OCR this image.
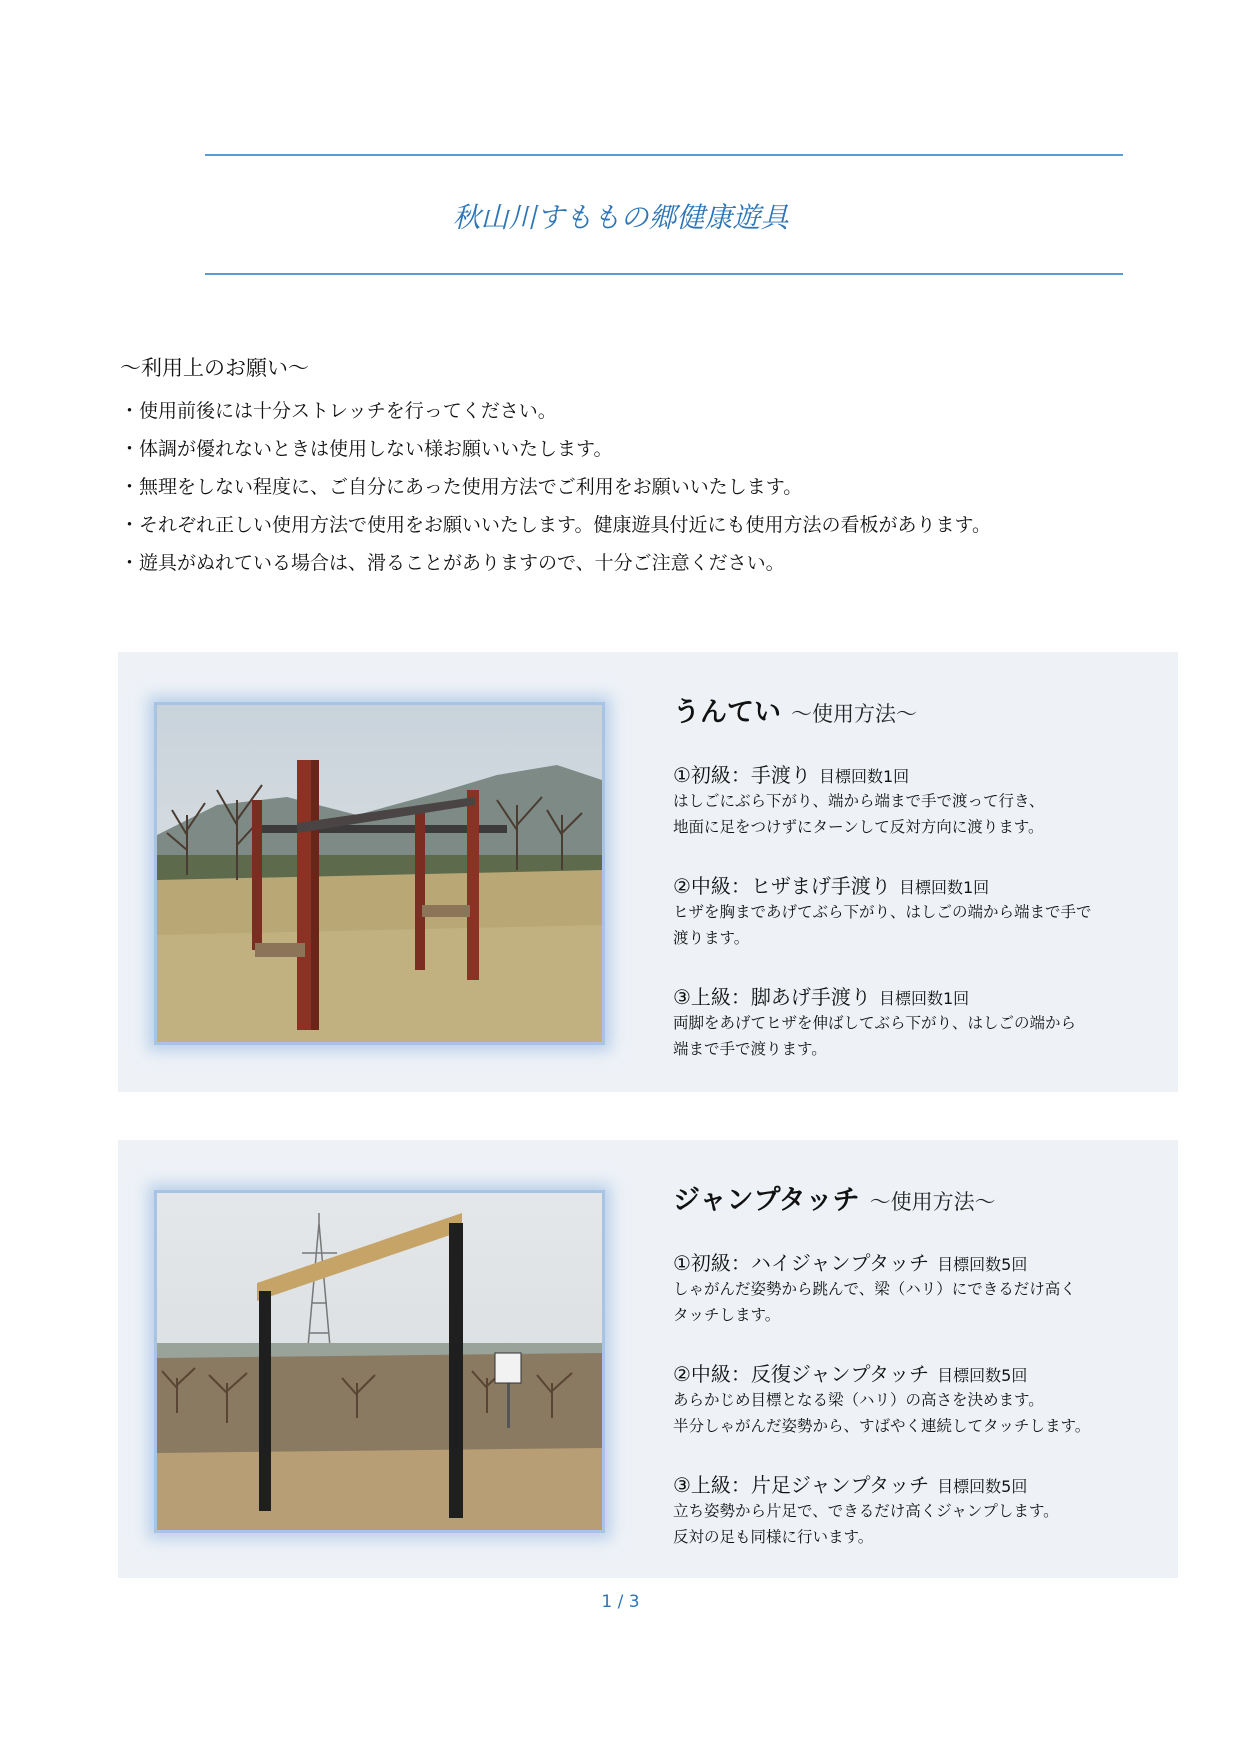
秋山川すももの郷健康遊具
～利用上のお願い～
・使用前後には十分ストレッチを行ってください。
・体調が優れないときは使用しない様お願いいたします。
・無理をしない程度に、ご自分にあった使用方法でご利用をお願いいたします。
・それぞれ正しい使用方法で使用をお願いいたします。健康遊具付近にも使用方法の看板があります。
・遊具がぬれている場合は、滑ることがありますので、十分ご注意ください。
うんてい ～使用方法～
①初級：手渡り 目標回数1回
はしごにぶら下がり、端から端まで手で渡って行き、
地面に足をつけずにターンして反対方向に渡ります。
②中級：ヒザまげ手渡り 目標回数1回
ヒザを胸まであげてぶら下がり、はしごの端から端まで手で
渡ります。
③上級：脚あげ手渡り 目標回数1回
両脚をあげてヒザを伸ばしてぶら下がり、はしごの端から
端まで手で渡ります。
ジャンプタッチ ～使用方法～
①初級：ハイジャンプタッチ 目標回数5回
しゃがんだ姿勢から跳んで、梁（ハリ）にできるだけ高く
タッチします。
②中級：反復ジャンプタッチ 目標回数5回
あらかじめ目標となる梁（ハリ）の高さを決めます。
半分しゃがんだ姿勢から、すばやく連続してタッチします。
③上級：片足ジャンプタッチ 目標回数5回
立ち姿勢から片足で、できるだけ高くジャンプします。
反対の足も同様に行います。
1 / 3
